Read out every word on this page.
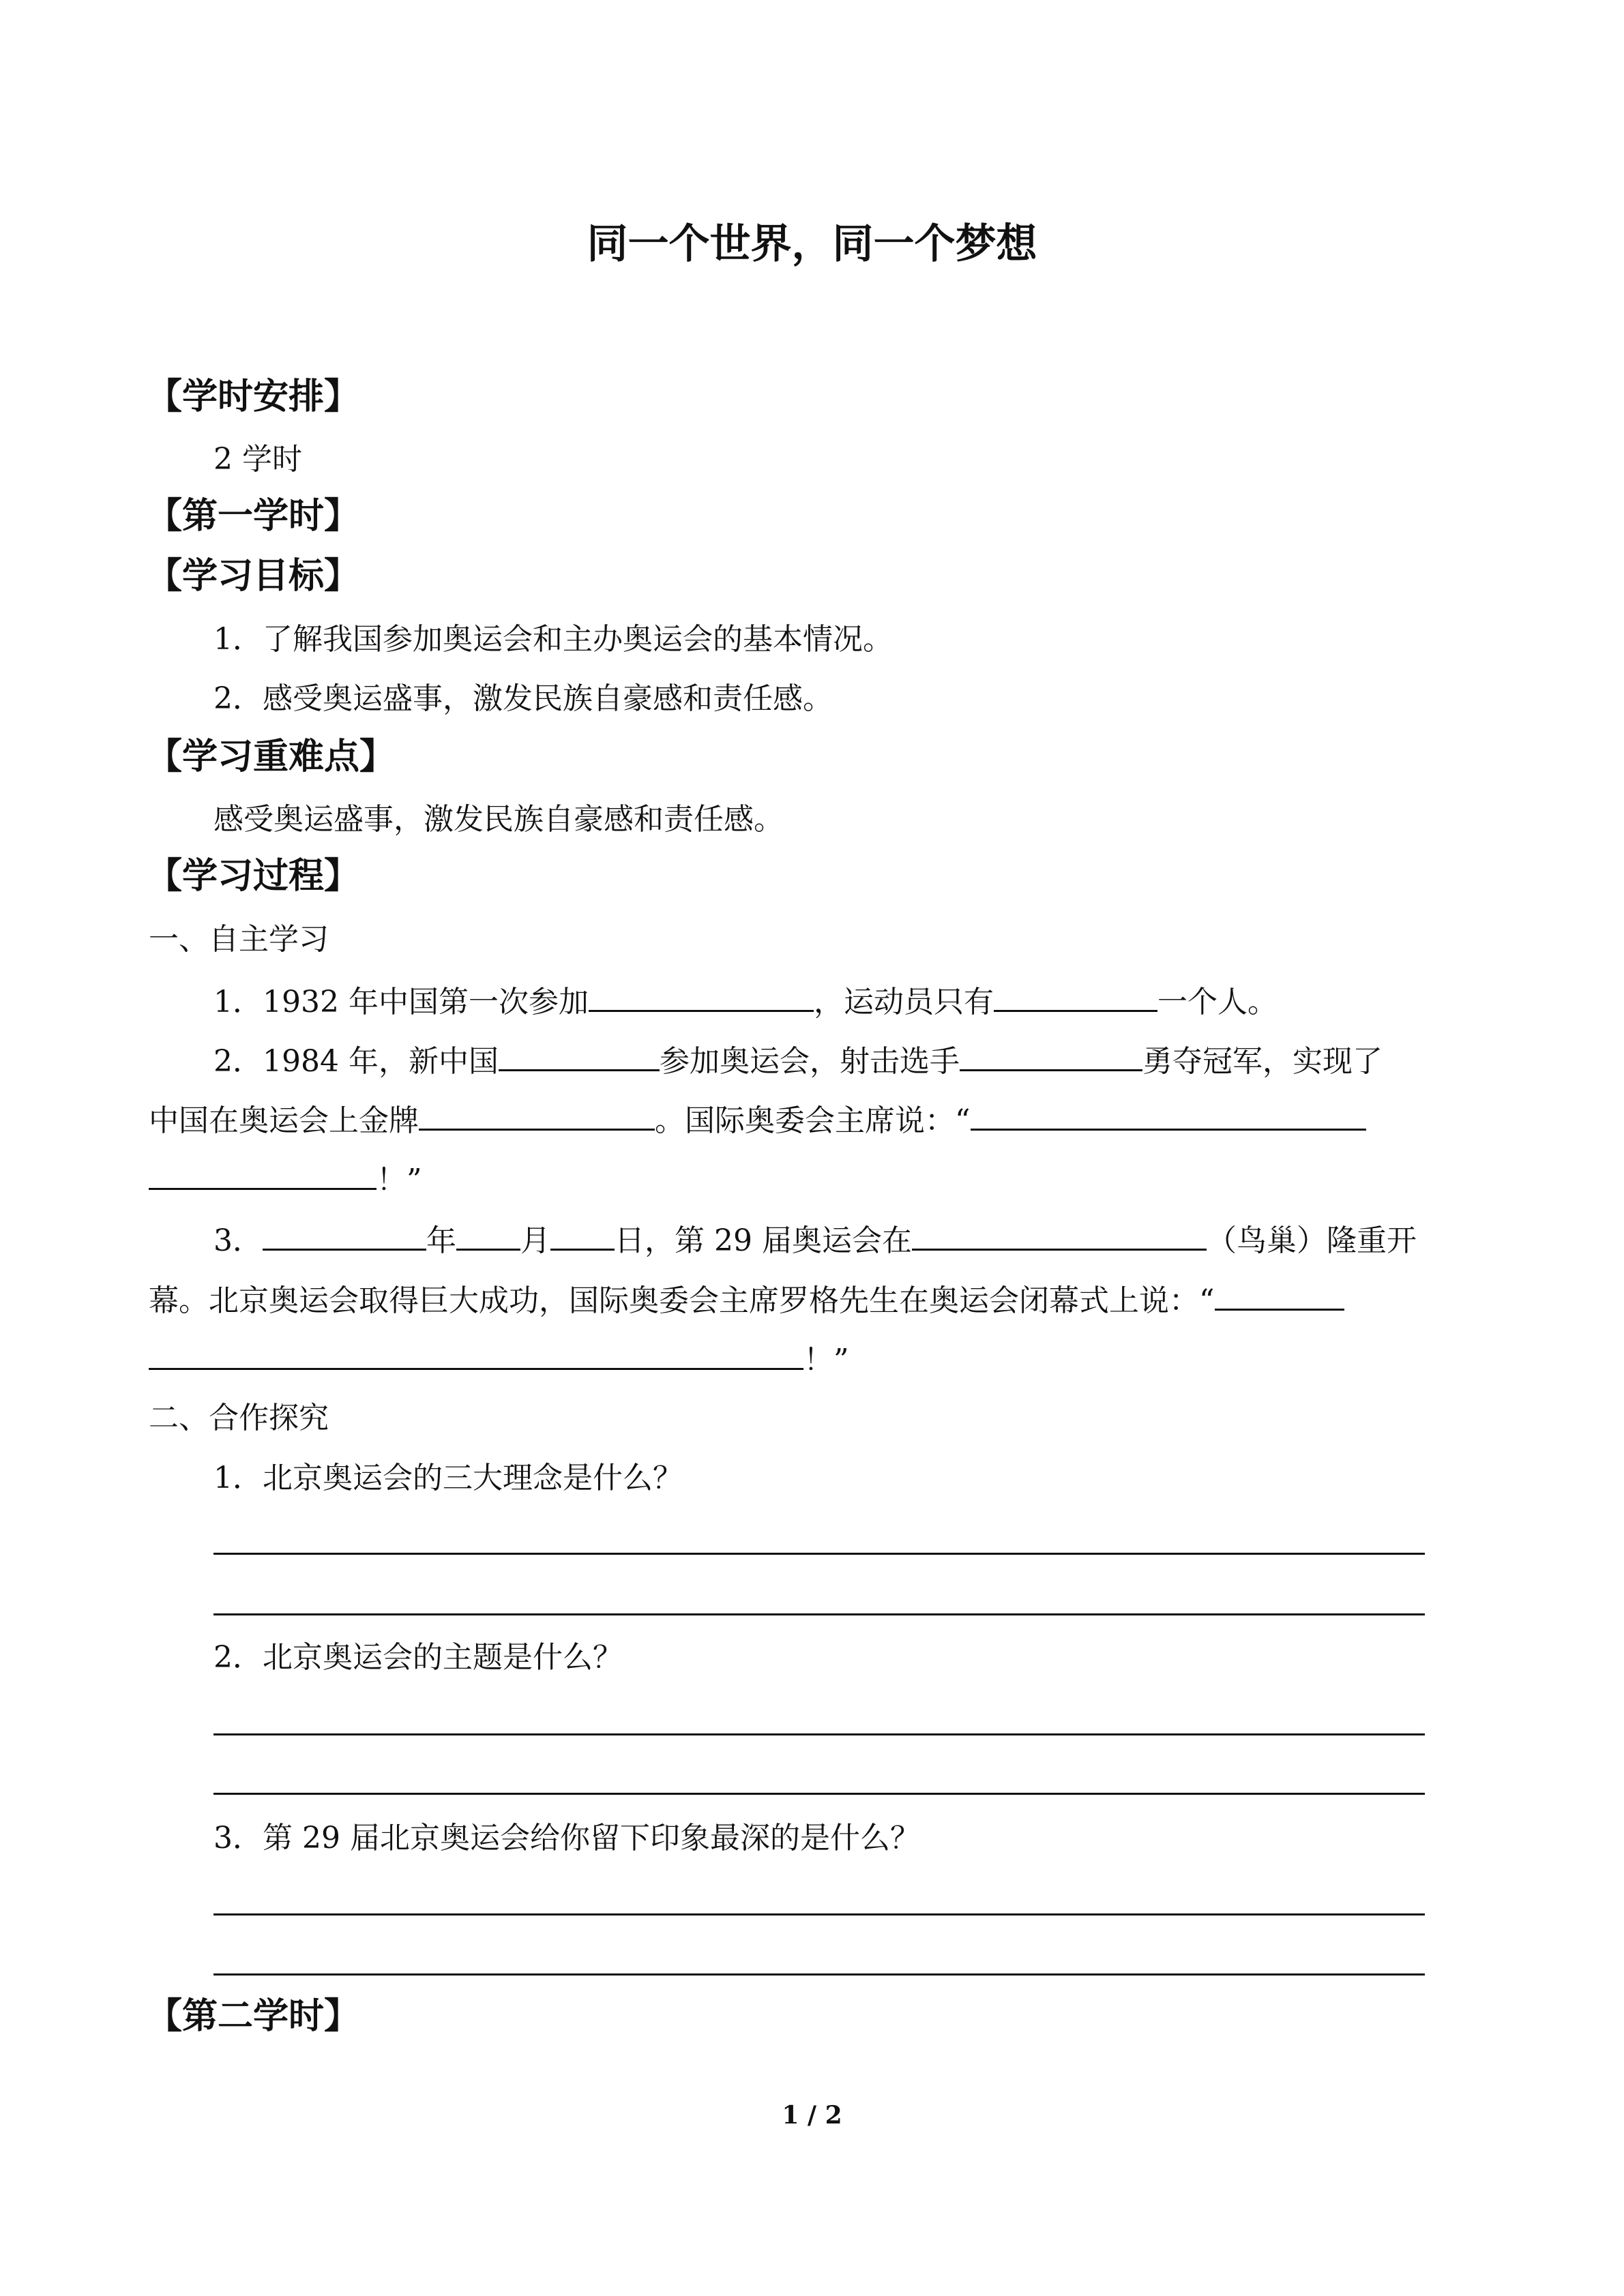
同一个世界，同一个梦想
【学时安排】
2 学时
【第一学时】
【学习目标】
1．了解我国参加奥运会和主办奥运会的基本情况。
2．感受奥运盛事，激发民族自豪感和责任感。
【学习重难点】
感受奥运盛事，激发民族自豪感和责任感。
【学习过程】
一、自主学习
1．1932 年中国第一次参加	，运动员只有	一个人。
2．1984 年，新中国	参加奥运会，射击选手	勇夺冠军，实现了
中国在奥运会上金牌	。国际奥委会主席说：“
！”
3．	年 月 日，第 29 届奥运会在	（鸟巢）隆重开
幕。北京奥运会取得巨大成功，国际奥委会主席罗格先生在奥运会闭幕式上说：“
！”
二、合作探究
1．北京奥运会的三大理念是什么？
2．北京奥运会的主题是什么？
3．第 29 届北京奥运会给你留下印象最深的是什么？
【第二学时】
1 / 2
